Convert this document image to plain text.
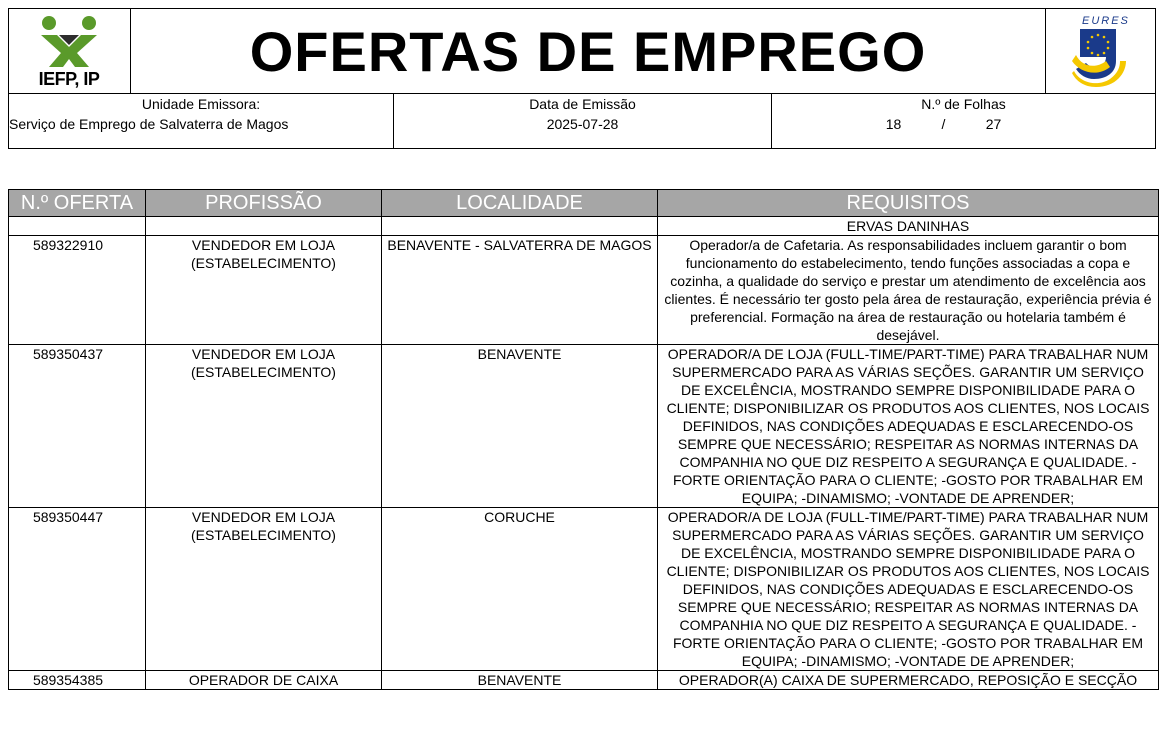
IEFP, IP	OFERTAS DE EMPREGO	EURES
Unidade Emissora:
Serviço de Emprego de Salvaterra de Magos
Data de Emissão
2025-07-28
N.º de Folhas
18	/	27
N.º OFERTA	PROFISSÃO	LOCALIDADE	REQUISITOS
			ERVAS DANINHAS
589322910	VENDEDOR EM LOJA (ESTABELECIMENTO)	BENAVENTE - SALVATERRA DE MAGOS	Operador/a de Cafetaria. As responsabilidades incluem garantir o bom funcionamento do estabelecimento, tendo funções associadas a copa e cozinha, a qualidade do serviço e prestar um atendimento de excelência aos clientes. É necessário ter gosto pela área de restauração, experiência prévia é preferencial. Formação na área de restauração ou hotelaria também é desejável.
589350437	VENDEDOR EM LOJA (ESTABELECIMENTO)	BENAVENTE	OPERADOR/A DE LOJA (FULL-TIME/PART-TIME) PARA TRABALHAR NUM SUPERMERCADO PARA AS VÁRIAS SEÇÕES. GARANTIR UM SERVIÇO DE EXCELÊNCIA, MOSTRANDO SEMPRE DISPONIBILIDADE PARA O CLIENTE; DISPONIBILIZAR OS PRODUTOS AOS CLIENTES, NOS LOCAIS DEFINIDOS, NAS CONDIÇÕES ADEQUADAS E ESCLARECENDO-OS SEMPRE QUE NECESSÁRIO; RESPEITAR AS NORMAS INTERNAS DA COMPANHIA NO QUE DIZ RESPEITO A SEGURANÇA E QUALIDADE. -FORTE ORIENTAÇÃO PARA O CLIENTE; -GOSTO POR TRABALHAR EM EQUIPA; -DINAMISMO; -VONTADE DE APRENDER;
589350447	VENDEDOR EM LOJA (ESTABELECIMENTO)	CORUCHE	OPERADOR/A DE LOJA (FULL-TIME/PART-TIME) PARA TRABALHAR NUM SUPERMERCADO PARA AS VÁRIAS SEÇÕES. GARANTIR UM SERVIÇO DE EXCELÊNCIA, MOSTRANDO SEMPRE DISPONIBILIDADE PARA O CLIENTE; DISPONIBILIZAR OS PRODUTOS AOS CLIENTES, NOS LOCAIS DEFINIDOS, NAS CONDIÇÕES ADEQUADAS E ESCLARECENDO-OS SEMPRE QUE NECESSÁRIO; RESPEITAR AS NORMAS INTERNAS DA COMPANHIA NO QUE DIZ RESPEITO A SEGURANÇA E QUALIDADE. -FORTE ORIENTAÇÃO PARA O CLIENTE; -GOSTO POR TRABALHAR EM EQUIPA; -DINAMISMO; -VONTADE DE APRENDER;
589354385	OPERADOR DE CAIXA	BENAVENTE	OPERADOR(A) CAIXA DE SUPERMERCADO, REPOSIÇÃO E SECÇÃO
